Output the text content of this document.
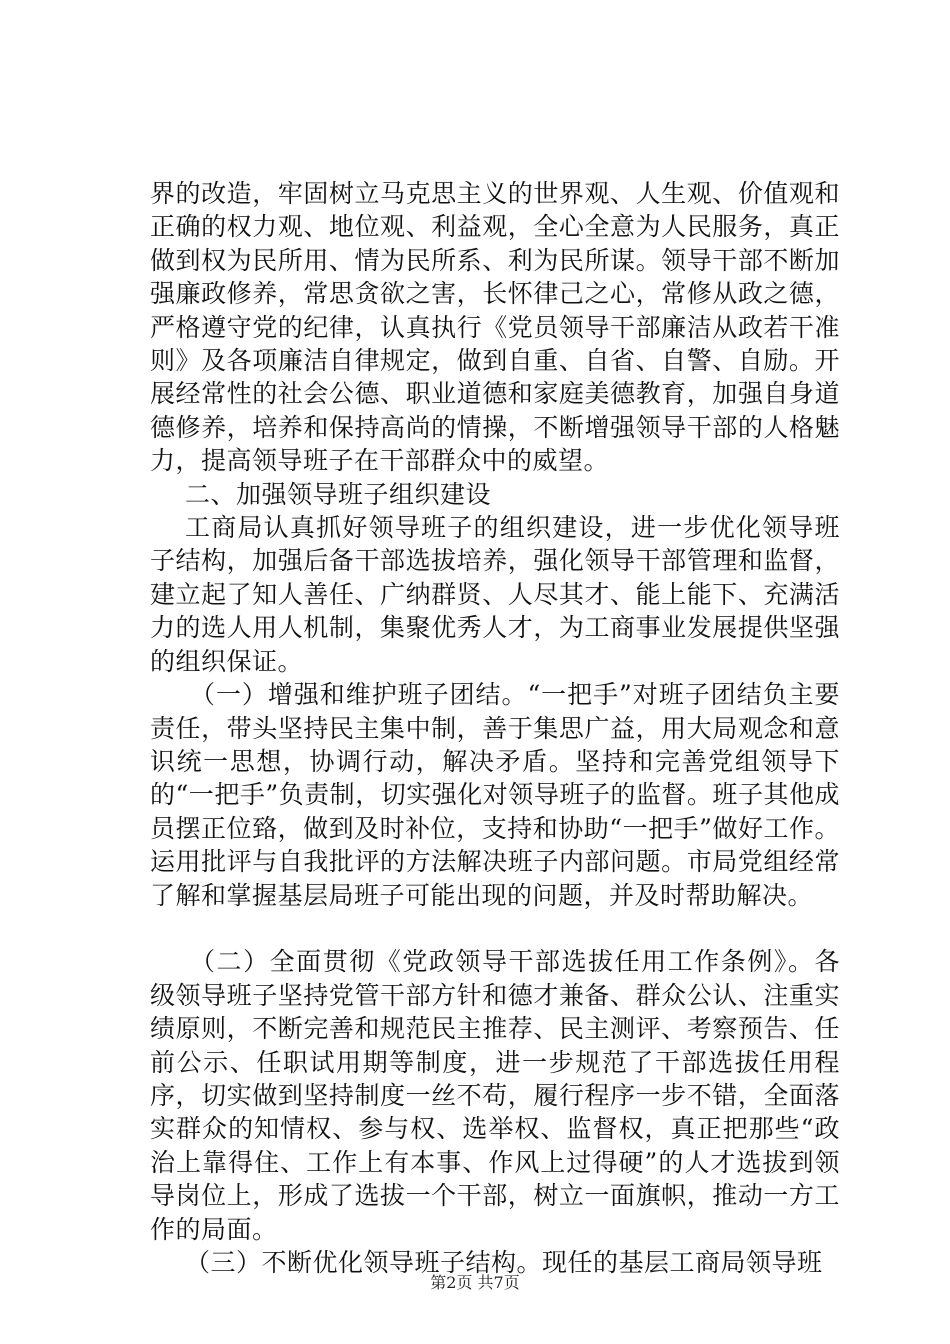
界的改造，牢固树立马克思主义的世界观、人生观、价值观和正确的权力观、地位观、利益观，全心全意为人民服务，真正做到权为民所用、情为民所系、利为民所谋。领导干部不断加强廉政修养，常思贪欲之害，长怀律己之心，常修从政之德，严格遵守党的纪律，认真执行《党员领导干部廉洁从政若干准则》及各项廉洁自律规定，做到自重、自省、自警、自励。开展经常性的社会公德、职业道德和家庭美德教育，加强自身道德修养，培养和保持高尚的情操，不断增强领导干部的人格魅力，提高领导班子在干部群众中的威望。

二、加强领导班子组织建设

工商局认真抓好领导班子的组织建设，进一步优化领导班子结构，加强后备干部选拔培养，强化领导干部管理和监督，建立起了知人善任、广纳群贤、人尽其才、能上能下、充满活力的选人用人机制，集聚优秀人才，为工商事业发展提供坚强的组织保证。

（一）增强和维护班子团结。“一把手”对班子团结负主要责任，带头坚持民主集中制，善于集思广益，用大局观念和意识统一思想，协调行动，解决矛盾。坚持和完善党组领导下的“一把手”负责制，切实强化对领导班子的监督。班子其他成员摆正位臵，做到及时补位，支持和协助“一把手”做好工作。运用批评与自我批评的方法解决班子内部问题。市局党组经常了解和掌握基层局班子可能出现的问题，并及时帮助解决。

（二）全面贯彻《党政领导干部选拔任用工作条例》。各级领导班子坚持党管干部方针和德才兼备、群众公认、注重实绩原则，不断完善和规范民主推荐、民主测评、考察预告、任前公示、任职试用期等制度，进一步规范了干部选拔任用程序，切实做到坚持制度一丝不苟，履行程序一步不错，全面落实群众的知情权、参与权、选举权、监督权，真正把那些“政治上靠得住、工作上有本事、作风上过得硬”的人才选拔到领导岗位上，形成了选拔一个干部，树立一面旗帜，推动一方工作的局面。

（三）不断优化领导班子结构。现任的基层工商局领导班

第2页 共7页
